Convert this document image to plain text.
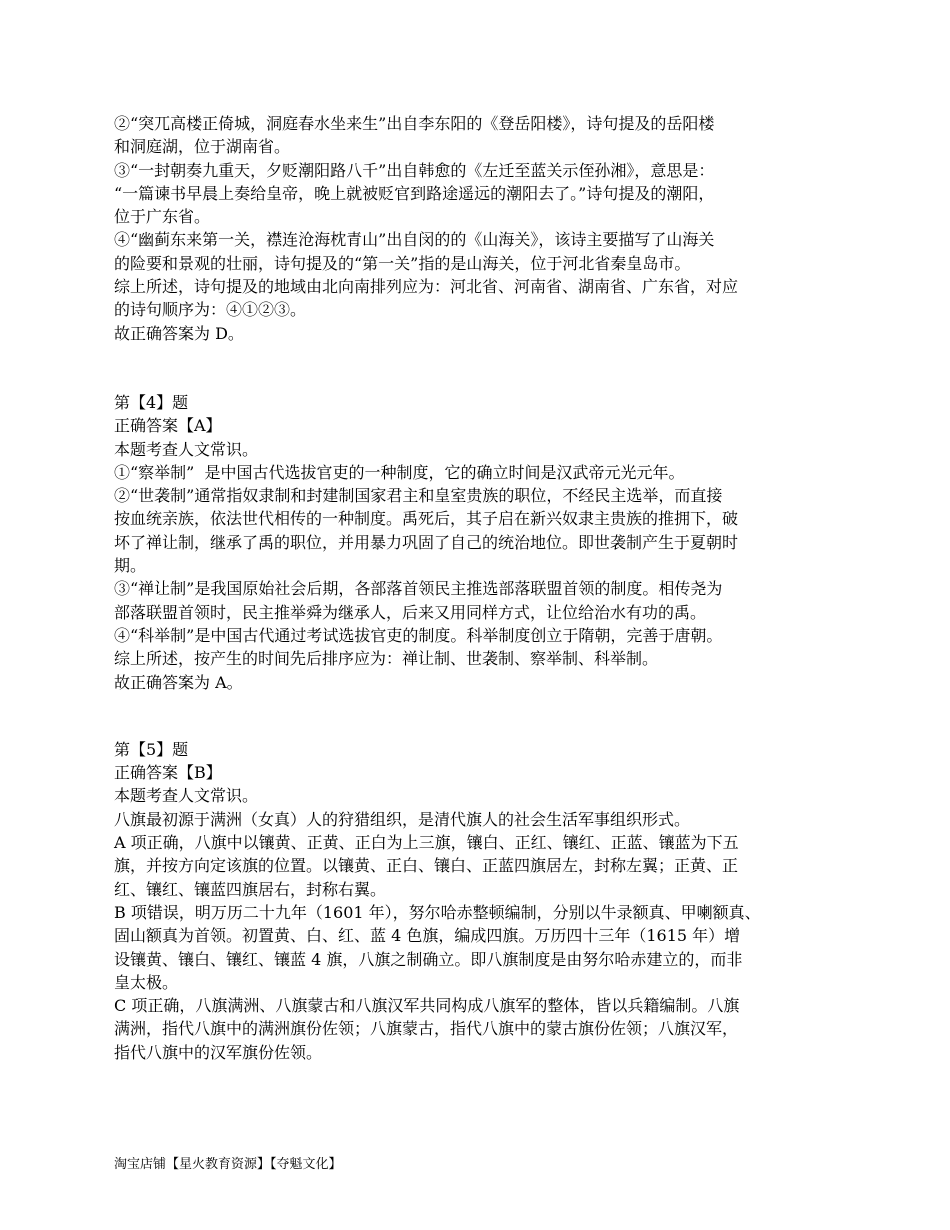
②“突兀高楼正倚城，洞庭春水坐来生”出自李东阳的《登岳阳楼》，诗句提及的岳阳楼
和洞庭湖，位于湖南省。
③“一封朝奏九重天，夕贬潮阳路八千”出自韩愈的《左迁至蓝关示侄孙湘》，意思是：
“一篇谏书早晨上奏给皇帝，晚上就被贬官到路途遥远的潮阳去了。”诗句提及的潮阳，
位于广东省。
④“幽蓟东来第一关，襟连沧海枕青山”出自闵的的《山海关》，该诗主要描写了山海关
的险要和景观的壮丽，诗句提及的“第一关”指的是山海关，位于河北省秦皇岛市。
综上所述，诗句提及的地域由北向南排列应为：河北省、河南省、湖南省、广东省，对应
的诗句顺序为：④①②③。
故正确答案为 D。
第【4】题
正确答案【A】
本题考查人文常识。
①“察举制”  是中国古代选拔官吏的一种制度，它的确立时间是汉武帝元光元年。
②“世袭制”通常指奴隶制和封建制国家君主和皇室贵族的职位，不经民主选举，而直接
按血统亲族，依法世代相传的一种制度。禹死后，其子启在新兴奴隶主贵族的推拥下，破
坏了禅让制，继承了禹的职位，并用暴力巩固了自己的统治地位。即世袭制产生于夏朝时
期。
③“禅让制”是我国原始社会后期，各部落首领民主推选部落联盟首领的制度。相传尧为
部落联盟首领时，民主推举舜为继承人，后来又用同样方式，让位给治水有功的禹。
④“科举制”是中国古代通过考试选拔官吏的制度。科举制度创立于隋朝，完善于唐朝。
综上所述，按产生的时间先后排序应为：禅让制、世袭制、察举制、科举制。
故正确答案为 A。
第【5】题
正确答案【B】
本题考查人文常识。
八旗最初源于满洲（女真）人的狩猎组织，是清代旗人的社会生活军事组织形式。
A 项正确，八旗中以镶黄、正黄、正白为上三旗，镶白、正红、镶红、正蓝、镶蓝为下五
旗，并按方向定该旗的位置。以镶黄、正白、镶白、正蓝四旗居左，封称左翼；正黄、正
红、镶红、镶蓝四旗居右，封称右翼。
B 项错误，明万历二十九年（1601 年），努尔哈赤整顿编制，分别以牛录额真、甲喇额真、
固山额真为首领。初置黄、白、红、蓝 4 色旗，编成四旗。万历四十三年（1615 年）增
设镶黄、镶白、镶红、镶蓝 4 旗，八旗之制确立。即八旗制度是由努尔哈赤建立的，而非
皇太极。
C 项正确，八旗满洲、八旗蒙古和八旗汉军共同构成八旗军的整体，皆以兵籍编制。八旗
满洲，指代八旗中的满洲旗份佐领；八旗蒙古，指代八旗中的蒙古旗份佐领；八旗汉军，
指代八旗中的汉军旗份佐领。
淘宝店铺【星火教育资源】【夺魁文化】
